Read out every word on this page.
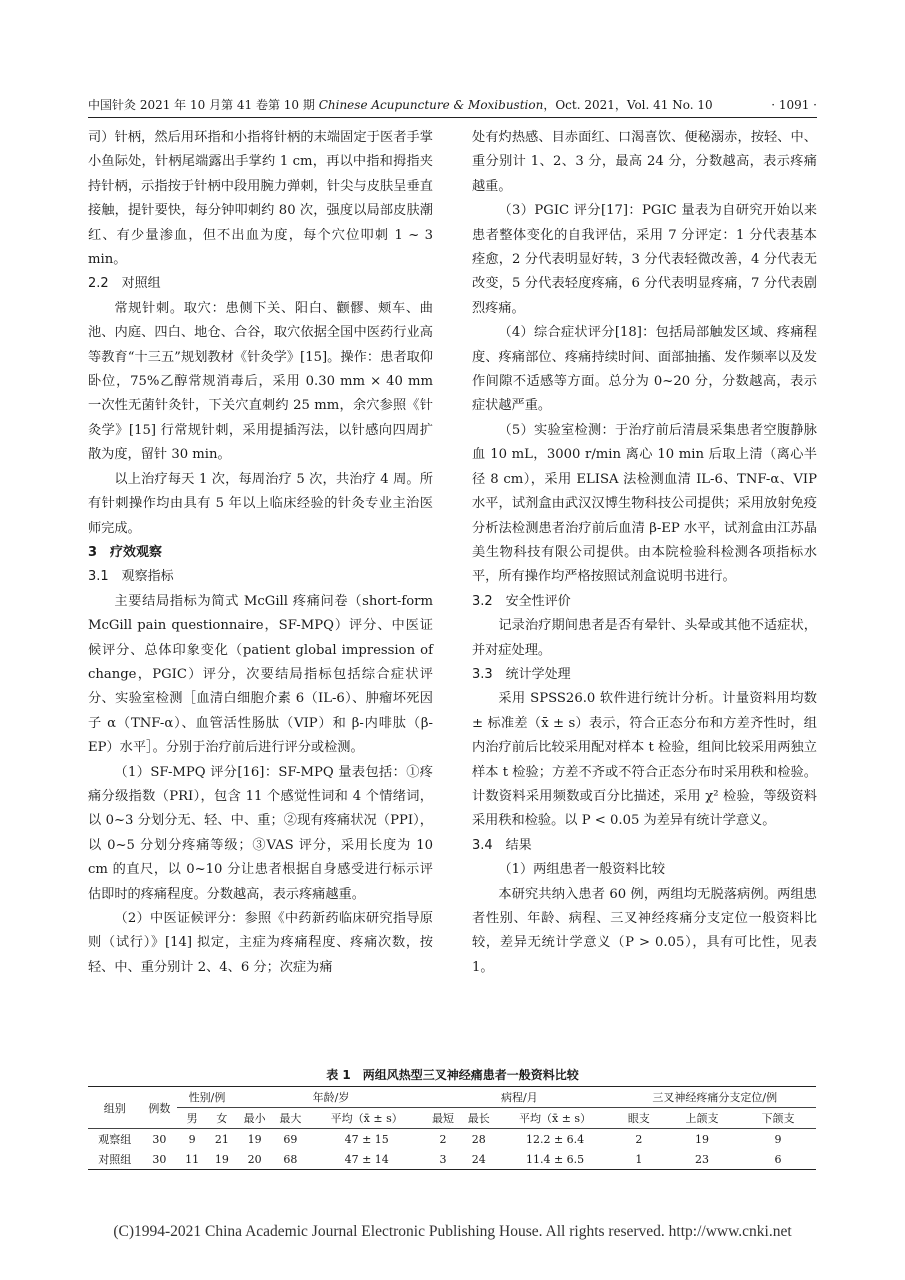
中国针灸 2021 年 10 月第 41 卷第 10 期 Chinese Acupuncture & Moxibustion，Oct. 2021，Vol. 41 No. 10	· 1091 ·

司）针柄，然后用环指和小指将针柄的末端固定于医者手掌小鱼际处，针柄尾端露出手掌约 1 cm，再以中指和拇指夹持针柄，示指按于针柄中段用腕力弹刺，针尖与皮肤呈垂直接触，提针要快，每分钟叩刺约 80 次，强度以局部皮肤潮红、有少量渗血，但不出血为度，每个穴位叩刺 1 ~ 3 min。

2.2　对照组

常规针刺。取穴：患侧下关、阳白、颧髎、颊车、曲池、内庭、四白、地仓、合谷，取穴依据全国中医药行业高等教育“十三五”规划教材《针灸学》[15]。操作：患者取仰卧位，75%乙醇常规消毒后，采用 0.30 mm × 40 mm 一次性无菌针灸针，下关穴直刺约 25 mm，余穴参照《针灸学》[15] 行常规针刺，采用提插泻法，以针感向四周扩散为度，留针 30 min。

以上治疗每天 1 次，每周治疗 5 次，共治疗 4 周。所有针刺操作均由具有 5 年以上临床经验的针灸专业主治医师完成。

3　疗效观察

3.1　观察指标

主要结局指标为简式 McGill 疼痛问卷（short-form McGill pain questionnaire，SF-MPQ）评分、中医证候评分、总体印象变化（patient global impression of change，PGIC）评分，次要结局指标包括综合症状评分、实验室检测［血清白细胞介素 6（IL-6）、肿瘤坏死因子 α（TNF-α）、血管活性肠肽（VIP）和 β-内啡肽（β-EP）水平］。分别于治疗前后进行评分或检测。

（1）SF-MPQ 评分[16]：SF-MPQ 量表包括：①疼痛分级指数（PRI），包含 11 个感觉性词和 4 个情绪词，以 0~3 分划分无、轻、中、重；②现有疼痛状况（PPI），以 0~5 分划分疼痛等级；③VAS 评分，采用长度为 10 cm 的直尺，以 0~10 分让患者根据自身感受进行标示评估即时的疼痛程度。分数越高，表示疼痛越重。

（2）中医证候评分：参照《中药新药临床研究指导原则（试行）》[14] 拟定，主症为疼痛程度、疼痛次数，按轻、中、重分别计 2、4、6 分；次症为痛

处有灼热感、目赤面红、口渴喜饮、便秘溺赤，按轻、中、重分别计 1、2、3 分，最高 24 分，分数越高，表示疼痛越重。

（3）PGIC 评分[17]：PGIC 量表为自研究开始以来患者整体变化的自我评估，采用 7 分评定：1 分代表基本痊愈，2 分代表明显好转，3 分代表轻微改善，4 分代表无改变，5 分代表轻度疼痛，6 分代表明显疼痛，7 分代表剧烈疼痛。

（4）综合症状评分[18]：包括局部触发区域、疼痛程度、疼痛部位、疼痛持续时间、面部抽搐、发作频率以及发作间隙不适感等方面。总分为 0~20 分，分数越高，表示症状越严重。

（5）实验室检测：于治疗前后清晨采集患者空腹静脉血 10 mL，3000 r/min 离心 10 min 后取上清（离心半径 8 cm），采用 ELISA 法检测血清 IL-6、TNF-α、VIP 水平，试剂盒由武汉汉博生物科技公司提供；采用放射免疫分析法检测患者治疗前后血清 β-EP 水平，试剂盒由江苏晶美生物科技有限公司提供。由本院检验科检测各项指标水平，所有操作均严格按照试剂盒说明书进行。

3.2　安全性评价

记录治疗期间患者是否有晕针、头晕或其他不适症状，并对症处理。

3.3　统计学处理

采用 SPSS26.0 软件进行统计分析。计量资料用均数 ± 标准差（x̄ ± s）表示，符合正态分布和方差齐性时，组内治疗前后比较采用配对样本 t 检验，组间比较采用两独立样本 t 检验；方差不齐或不符合正态分布时采用秩和检验。计数资料采用频数或百分比描述，采用 χ² 检验，等级资料采用秩和检验。以 P < 0.05 为差异有统计学意义。

3.4　结果

（1）两组患者一般资料比较

本研究共纳入患者 60 例，两组均无脱落病例。两组患者性别、年龄、病程、三叉神经疼痛分支定位一般资料比较，差异无统计学意义（P > 0.05），具有可比性，见表 1。

表 1　两组风热型三叉神经痛患者一般资料比较
组别	例数	性别/例		年龄/岁			病程/月			三叉神经疼痛分支定位/例		
		男	女	最小	最大	平均（x̄ ± s）	最短	最长	平均（x̄ ± s）	眼支	上颌支	下颌支
观察组	30	9	21	19	69	47 ± 15	2	28	12.2 ± 6.4	2	19	9
对照组	30	11	19	20	68	47 ± 14	3	24	11.4 ± 6.5	1	23	6
(C)1994-2021 China Academic Journal Electronic Publishing House. All rights reserved. http://www.cnki.net
